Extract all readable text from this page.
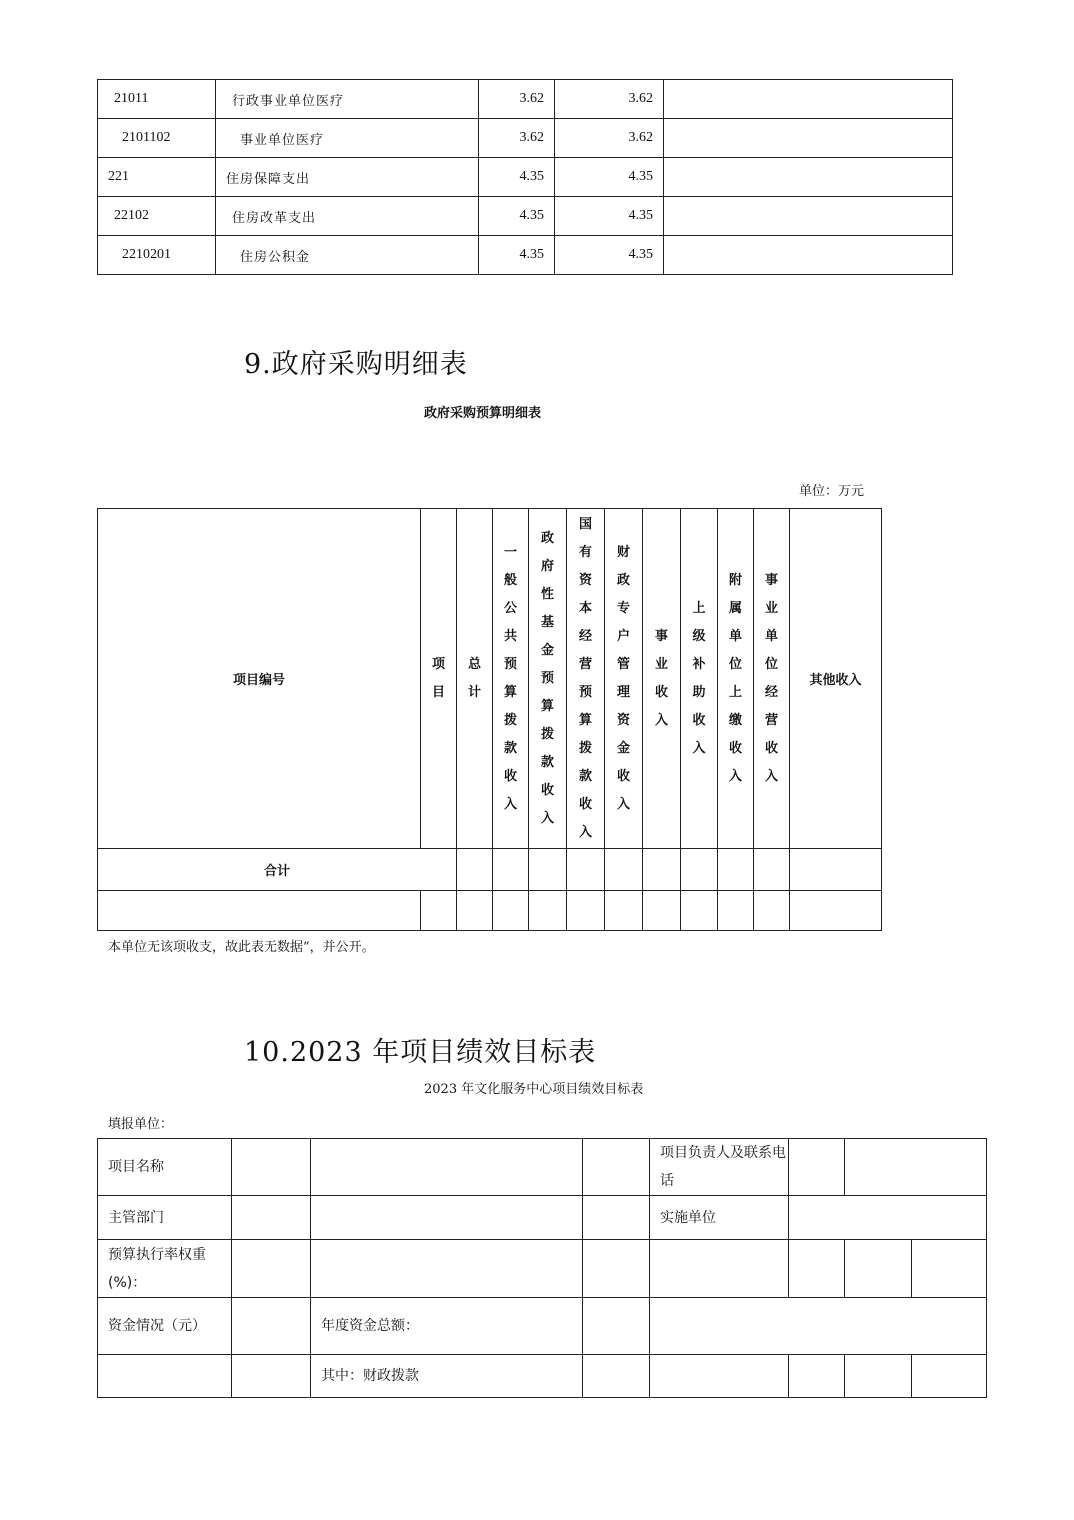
21011	行政事业单位医疗	3.62	3.62	
2101102	事业单位医疗	3.62	3.62	
221	住房保障支出	4.35	4.35	
22102	住房改革支出	4.35	4.35	
2210201	住房公积金	4.35	4.35	
9.政府采购明细表
政府采购预算明细表
单位：万元
项目编号	项目	总计	一般公共预算拨款收入	政府性基金预算拨款收入	国有资本经营预算拨款收入	财政专户管理资金收入	事业收入	上级补助收入	附属单位上缴收入	事业单位经营收入	其他收入
合计											

本单位无该项收支，故此表无数据”，并公开。
10.2023 年项目绩效目标表
2023 年文化服务中心项目绩效目标表
填报单位：
项目名称				项目负责人及联系电话			
主管部门				实施单位			
预算执行率权重(%)：							
资金情况（元）		年度资金总额：					
		其中：财政拨款					
